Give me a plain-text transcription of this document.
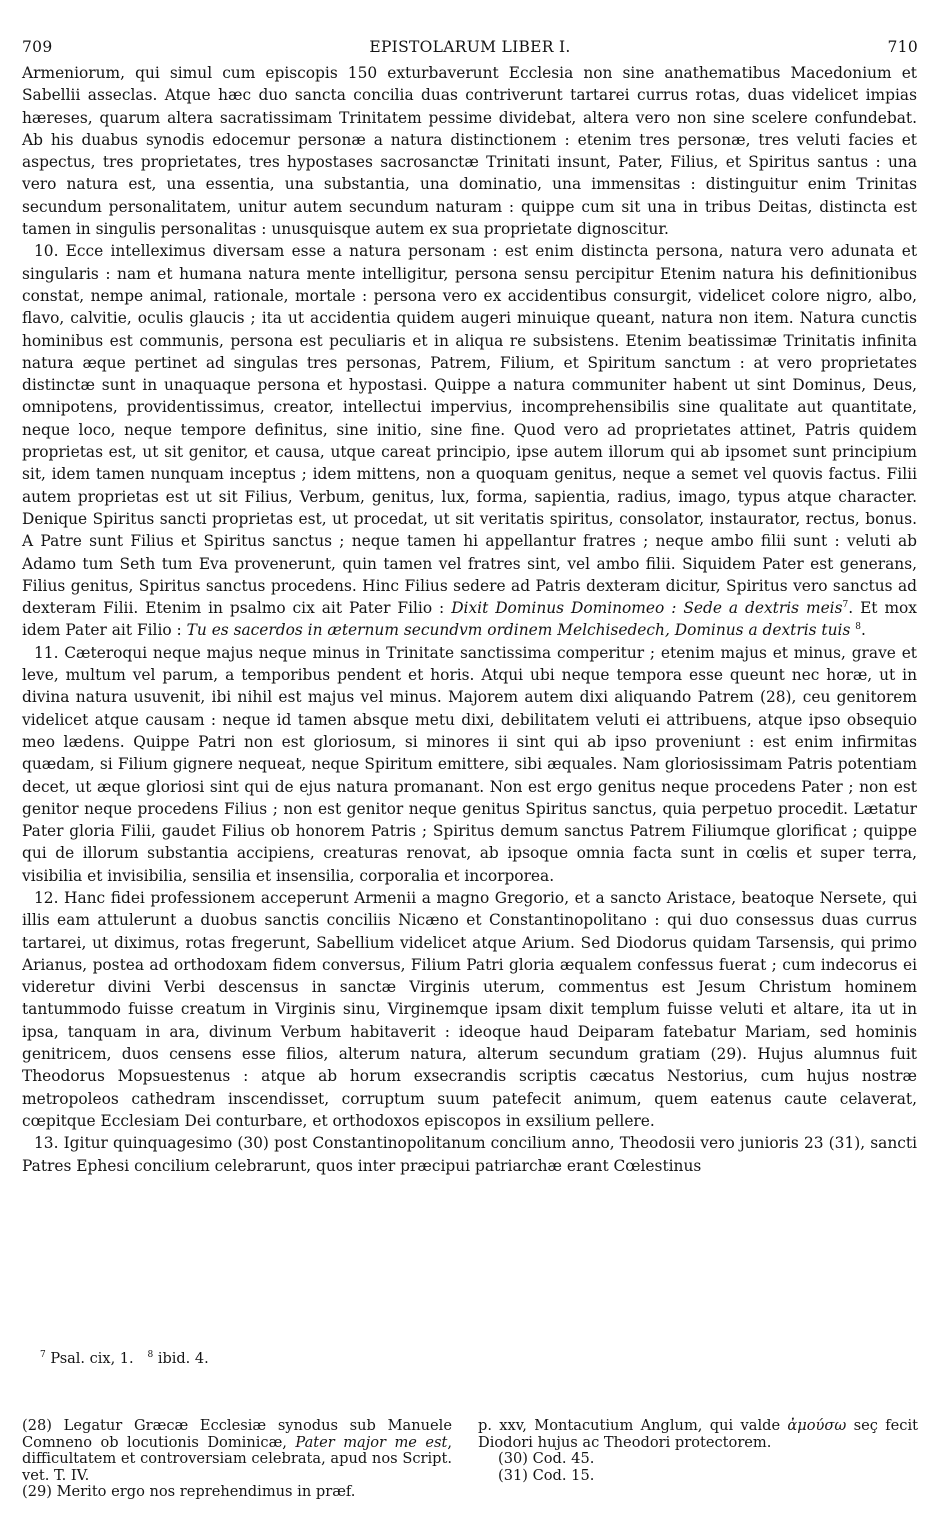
709	EPISTOLARUM LIBER I.	710

Armeniorum, qui simul cum episcopis 150 exturbaverunt Ecclesia non sine anathematibus Macedonium et Sabellii asseclas. Atque hæc duo sancta concilia duas contriverunt tartarei currus rotas, duas videlicet impias hæreses, quarum altera sacratissimam Trinitatem pessime dividebat, altera vero non sine scelere confundebat. Ab his duabus synodis edocemur personæ a natura distinctionem : etenim tres personæ, tres veluti facies et aspectus, tres proprietates, tres hypostases sacrosanctæ Trinitati insunt, Pater, Filius, et Spiritus santus : una vero natura est, una essentia, una substantia, una dominatio, una immensitas : distinguitur enim Trinitas secundum personalitatem, unitur autem secundum naturam : quippe cum sit una in tribus Deitas, distincta est tamen in singulis personalitas : unusquisque autem ex sua proprietate dignoscitur.

10. Ecce intelleximus diversam esse a natura personam : est enim distincta persona, natura vero adunata et singularis : nam et humana natura mente intelligitur, persona sensu percipitur Etenim natura his definitionibus constat, nempe animal, rationale, mortale : persona vero ex accidentibus consurgit, videlicet colore nigro, albo, flavo, calvitie, oculis glaucis ; ita ut accidentia quidem augeri minuique queant, natura non item. Natura cunctis hominibus est communis, persona est peculiaris et in aliqua re subsistens. Etenim beatissimæ Trinitatis infinita natura æque pertinet ad singulas tres personas, Patrem, Filium, et Spiritum sanctum : at vero proprietates distinctæ sunt in unaquaque persona et hypostasi. Quippe a natura communiter habent ut sint Dominus, Deus, omnipotens, providentissimus, creator, intellectui impervius, incomprehensibilis sine qualitate aut quantitate, neque loco, neque tempore definitus, sine initio, sine fine. Quod vero ad proprietates attinet, Patris quidem proprietas est, ut sit genitor, et causa, utque careat principio, ipse autem illorum qui ab ipsomet sunt principium sit, idem tamen nunquam inceptus ; idem mittens, non a quoquam genitus, neque a semet vel quovis factus. Filii autem proprietas est ut sit Filius, Verbum, genitus, lux, forma, sapientia, radius, imago, typus atque character. Denique Spiritus sancti proprietas est, ut procedat, ut sit veritatis spiritus, consolator, instaurator, rectus, bonus. A Patre sunt Filius et Spiritus sanctus ; neque tamen hi appellantur fratres ; neque ambo filii sunt : veluti ab Adamo tum Seth tum Eva provenerunt, quin tamen vel fratres sint, vel ambo filii. Siquidem Pater est generans, Filius genitus, Spiritus sanctus procedens. Hinc Filius sedere ad Patris dexteram dicitur, Spiritus vero sanctus ad dexteram Filii. Etenim in psalmo cix ait Pater Filio : Dixit Dominus Dominomeo : Sede a dextris meis$^7$. Et mox idem Pater ait Filio : Tu es sacerdos in æternum secundvm ordinem Melchisedech, Dominus a dextris tuis $^8$.

11. Cæteroqui neque majus neque minus in Trinitate sanctissima comperitur ; etenim majus et minus, grave et leve, multum vel parum, a temporibus pendent et horis. Atqui ubi neque tempora esse queunt nec horæ, ut in divina natura usuvenit, ibi nihil est majus vel minus. Majorem autem dixi aliquando Patrem (28), ceu genitorem videlicet atque causam : neque id tamen absque metu dixi, debilitatem veluti ei attribuens, atque ipso obsequio meo lædens. Quippe Patri non est gloriosum, si minores ii sint qui ab ipso proveniunt : est enim infirmitas quædam, si Filium gignere nequeat, neque Spiritum emittere, sibi æquales. Nam gloriosissimam Patris potentiam decet, ut æque gloriosi sint qui de ejus natura promanant. Non est ergo genitus neque procedens Pater ; non est genitor neque procedens Filius ; non est genitor neque genitus Spiritus sanctus, quia perpetuo procedit. Lætatur Pater gloria Filii, gaudet Filius ob honorem Patris ; Spiritus demum sanctus Patrem Filiumque glorificat ; quippe qui de illorum substantia accipiens, creaturas renovat, ab ipsoque omnia facta sunt in cœlis et super terra, visibilia et invisibilia, sensilia et insensilia, corporalia et incorporea.

12. Hanc fidei professionem acceperunt Armenii a magno Gregorio, et a sancto Aristace, beatoque Nersete, qui illis eam attulerunt a duobus sanctis conciliis Nicæno et Constantinopolitano : qui duo consessus duas currus tartarei, ut diximus, rotas fregerunt, Sabellium videlicet atque Arium. Sed Diodorus quidam Tarsensis, qui primo Arianus, postea ad orthodoxam fidem conversus, Filium Patri gloria æqualem confessus fuerat ; cum indecorus ei videretur divini Verbi descensus in sanctæ Virginis uterum, commentus est Jesum Christum hominem tantummodo fuisse creatum in Virginis sinu, Virginemque ipsam dixit templum fuisse veluti et altare, ita ut in ipsa, tanquam in ara, divinum Verbum habitaverit : ideoque haud Deiparam fatebatur Mariam, sed hominis genitricem, duos censens esse filios, alterum natura, alterum secundum gratiam (29). Hujus alumnus fuit Theodorus Mopsuestenus : atque ab horum exsecrandis scriptis cæcatus Nestorius, cum hujus nostræ metropoleos cathedram inscendisset, corruptum suum patefecit animum, quem eatenus caute celaverat, cœpitque Ecclesiam Dei conturbare, et orthodoxos episcopos in exsilium pellere.

13. Igitur quinquagesimo (30) post Constantinopolitanum concilium anno, Theodosii vero junioris 23 (31), sancti Patres Ephesi concilium celebrarunt, quos inter præcipui patriarchæ erant Cœlestinus

$^7$ Psal. cix, 1. $^8$ ibid. 4.

(28) Legatur Græcæ Ecclesiæ synodus sub Manuele Comneno ob locutionis Dominicæ, Pater major me est, difficultatem et controversiam celebrata, apud nos Script. vet. T. IV.

(29) Merito ergo nos reprehendimus in præf.

p. xxv, Montacutium Anglum, qui valde ἀμούσω seç fecit Diodori hujus ac Theodori protectorem.

(30) Cod. 45.

(31) Cod. 15.
